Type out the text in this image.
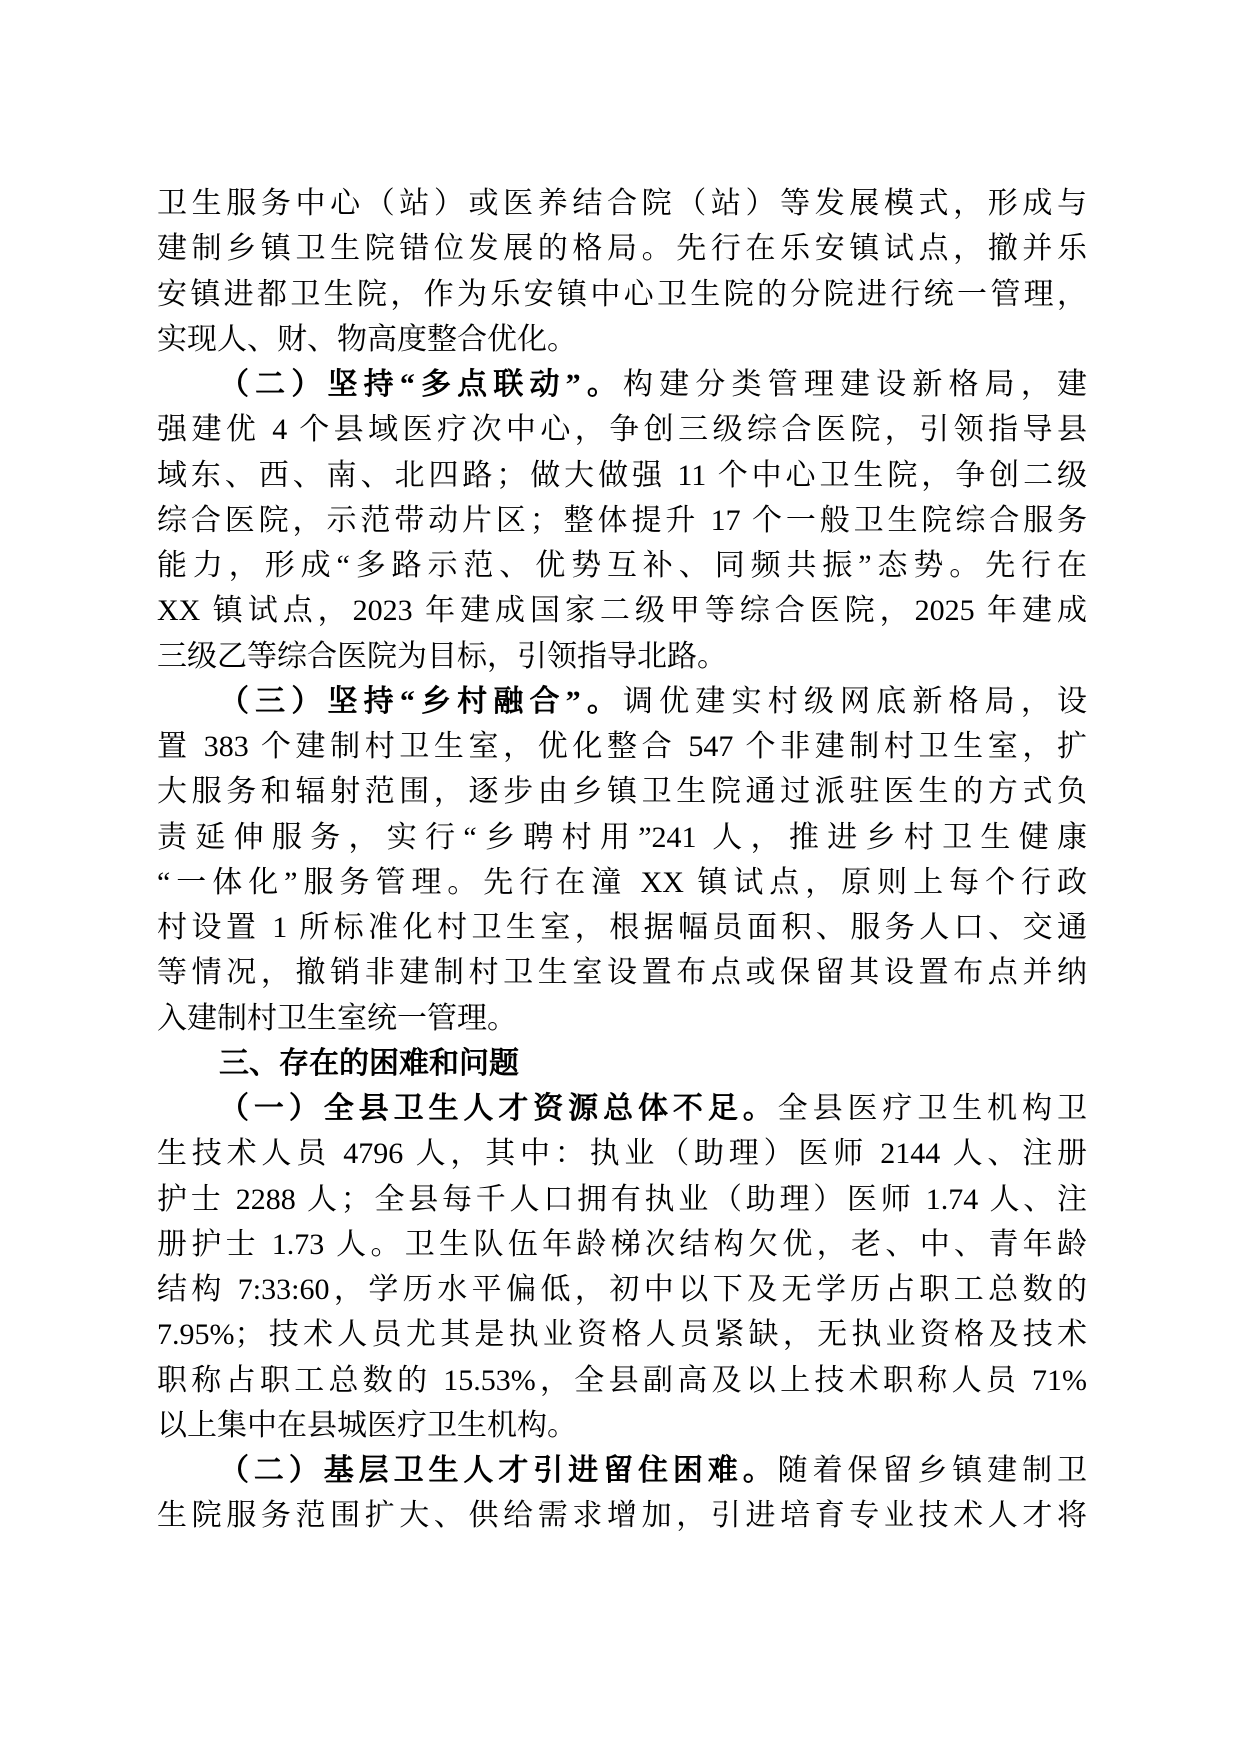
卫生服务中心（站）或医养结合院（站）等发展模式，形成与
建制乡镇卫生院错位发展的格局。先行在乐安镇试点，撤并乐
安镇进都卫生院，作为乐安镇中心卫生院的分院进行统一管理，
实现人、财、物高度整合优化。
（二）坚持“多点联动”。构建分类管理建设新格局，建
强建优 4 个县域医疗次中心，争创三级综合医院，引领指导县
域东、西、南、北四路；做大做强 11 个中心卫生院，争创二级
综合医院，示范带动片区；整体提升 17 个一般卫生院综合服务
能力，形成“多路示范、优势互补、同频共振”态势。先行在
XX 镇试点，2023 年建成国家二级甲等综合医院，2025 年建成
三级乙等综合医院为目标，引领指导北路。
（三）坚持“乡村融合”。调优建实村级网底新格局，设
置 383 个建制村卫生室，优化整合 547 个非建制村卫生室，扩
大服务和辐射范围，逐步由乡镇卫生院通过派驻医生的方式负
责延伸服务，实行“乡聘村用”241 人，推进乡村卫生健康
“一体化”服务管理。先行在潼 XX 镇试点，原则上每个行政
村设置 1 所标准化村卫生室，根据幅员面积、服务人口、交通
等情况，撤销非建制村卫生室设置布点或保留其设置布点并纳
入建制村卫生室统一管理。
三、存在的困难和问题
（一）全县卫生人才资源总体不足。全县医疗卫生机构卫
生技术人员 4796 人，其中：执业（助理）医师 2144 人、注册
护士 2288 人；全县每千人口拥有执业（助理）医师 1.74 人、注
册护士 1.73 人。卫生队伍年龄梯次结构欠优，老、中、青年龄
结构 7:33:60，学历水平偏低，初中以下及无学历占职工总数的
7.95%；技术人员尤其是执业资格人员紧缺，无执业资格及技术
职称占职工总数的 15.53%，全县副高及以上技术职称人员 71%
以上集中在县城医疗卫生机构。
（二）基层卫生人才引进留住困难。随着保留乡镇建制卫
生院服务范围扩大、供给需求增加，引进培育专业技术人才将
